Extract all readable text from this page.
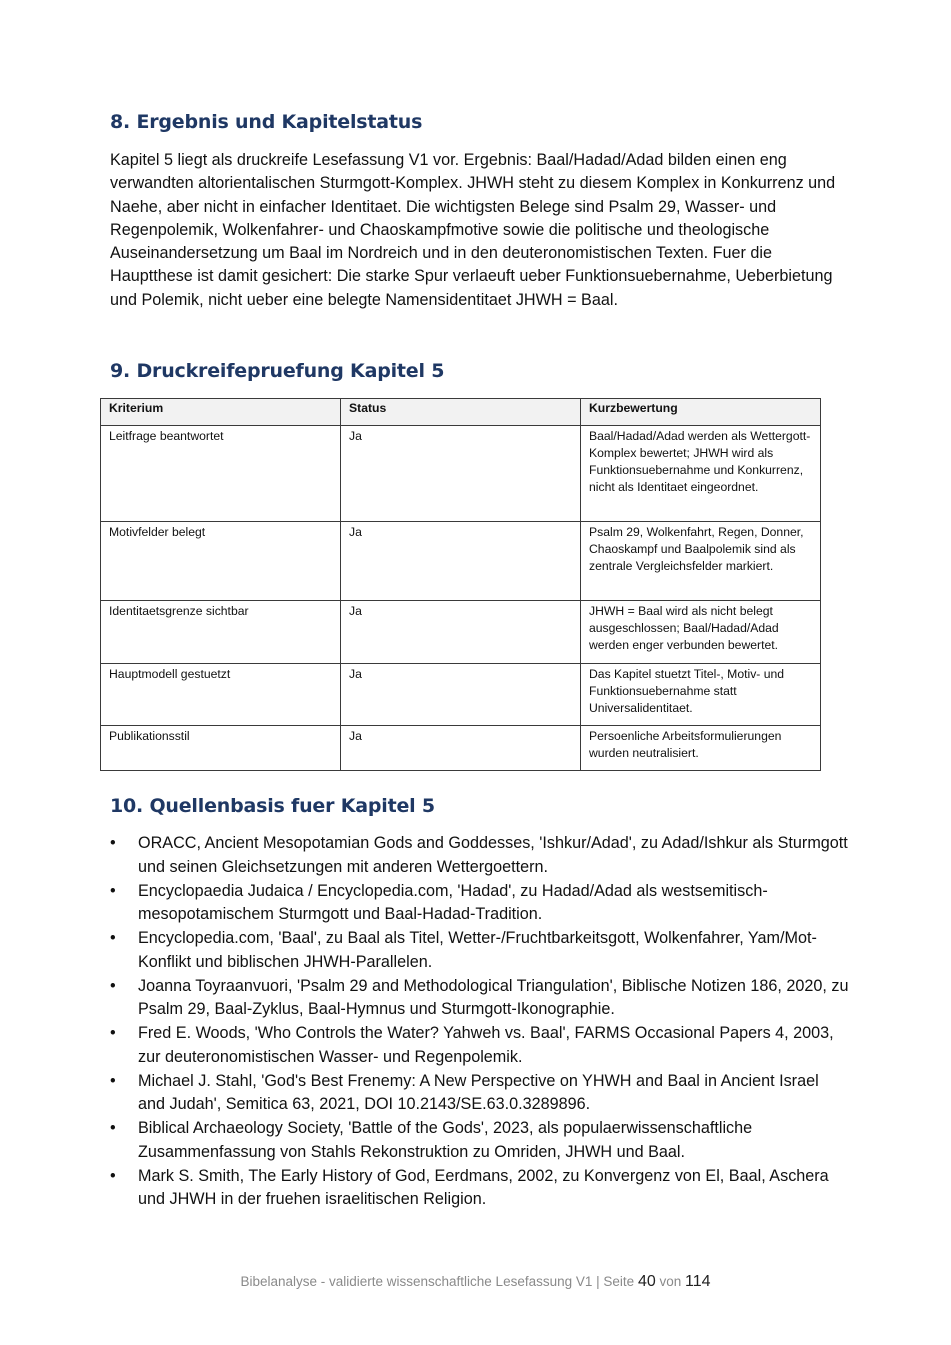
8. Ergebnis und Kapitelstatus

Kapitel 5 liegt als druckreife Lesefassung V1 vor. Ergebnis: Baal/Hadad/Adad bilden einen eng verwandten altorientalischen Sturmgott-Komplex. JHWH steht zu diesem Komplex in Konkurrenz und Naehe, aber nicht in einfacher Identitaet. Die wichtigsten Belege sind Psalm 29, Wasser- und Regenpolemik, Wolkenfahrer- und Chaoskampfmotive sowie die politische und theologische Auseinandersetzung um Baal im Nordreich und in den deuteronomistischen Texten. Fuer die Hauptthese ist damit gesichert: Die starke Spur verlaeuft ueber Funktionsuebernahme, Ueberbietung und Polemik, nicht ueber eine belegte Namensidentitaet JHWH = Baal.

9. Druckreifepruefung Kapitel 5
Kriterium	Status	Kurzbewertung
Leitfrage beantwortet	Ja	Baal/Hadad/Adad werden als Wettergott-Komplex bewertet; JHWH wird als Funktionsuebernahme und Konkurrenz, nicht als Identitaet eingeordnet.
Motivfelder belegt	Ja	Psalm 29, Wolkenfahrt, Regen, Donner, Chaoskampf und Baalpolemik sind als zentrale Vergleichsfelder markiert.
Identitaetsgrenze sichtbar	Ja	JHWH = Baal wird als nicht belegt ausgeschlossen; Baal/Hadad/Adad werden enger verbunden bewertet.
Hauptmodell gestuetzt	Ja	Das Kapitel stuetzt Titel-, Motiv- und Funktionsuebernahme statt Universalidentitaet.
Publikationsstil	Ja	Persoenliche Arbeitsformulierungen wurden neutralisiert.
10. Quellenbasis fuer Kapitel 5
•	ORACC, Ancient Mesopotamian Gods and Goddesses, 'Ishkur/Adad', zu Adad/Ishkur als Sturmgott und seinen Gleichsetzungen mit anderen Wettergoettern.
•	Encyclopaedia Judaica / Encyclopedia.com, 'Hadad', zu Hadad/Adad als westsemitisch-mesopotamischem Sturmgott und Baal-Hadad-Tradition.
•	Encyclopedia.com, 'Baal', zu Baal als Titel, Wetter-/Fruchtbarkeitsgott, Wolkenfahrer, Yam/Mot-Konflikt und biblischen JHWH-Parallelen.
•	Joanna Toyraanvuori, 'Psalm 29 and Methodological Triangulation', Biblische Notizen 186, 2020, zu Psalm 29, Baal-Zyklus, Baal-Hymnus und Sturmgott-Ikonographie.
•	Fred E. Woods, 'Who Controls the Water? Yahweh vs. Baal', FARMS Occasional Papers 4, 2003, zur deuteronomistischen Wasser- und Regenpolemik.
•	Michael J. Stahl, 'God's Best Frenemy: A New Perspective on YHWH and Baal in Ancient Israel and Judah', Semitica 63, 2021, DOI 10.2143/SE.63.0.3289896.
•	Biblical Archaeology Society, 'Battle of the Gods', 2023, als populaerwissenschaftliche Zusammenfassung von Stahls Rekonstruktion zu Omriden, JHWH und Baal.
•	Mark S. Smith, The Early History of God, Eerdmans, 2002, zu Konvergenz von El, Baal, Aschera und JHWH in der fruehen israelitischen Religion.
Bibelanalyse - validierte wissenschaftliche Lesefassung V1 | Seite 40 von 114
